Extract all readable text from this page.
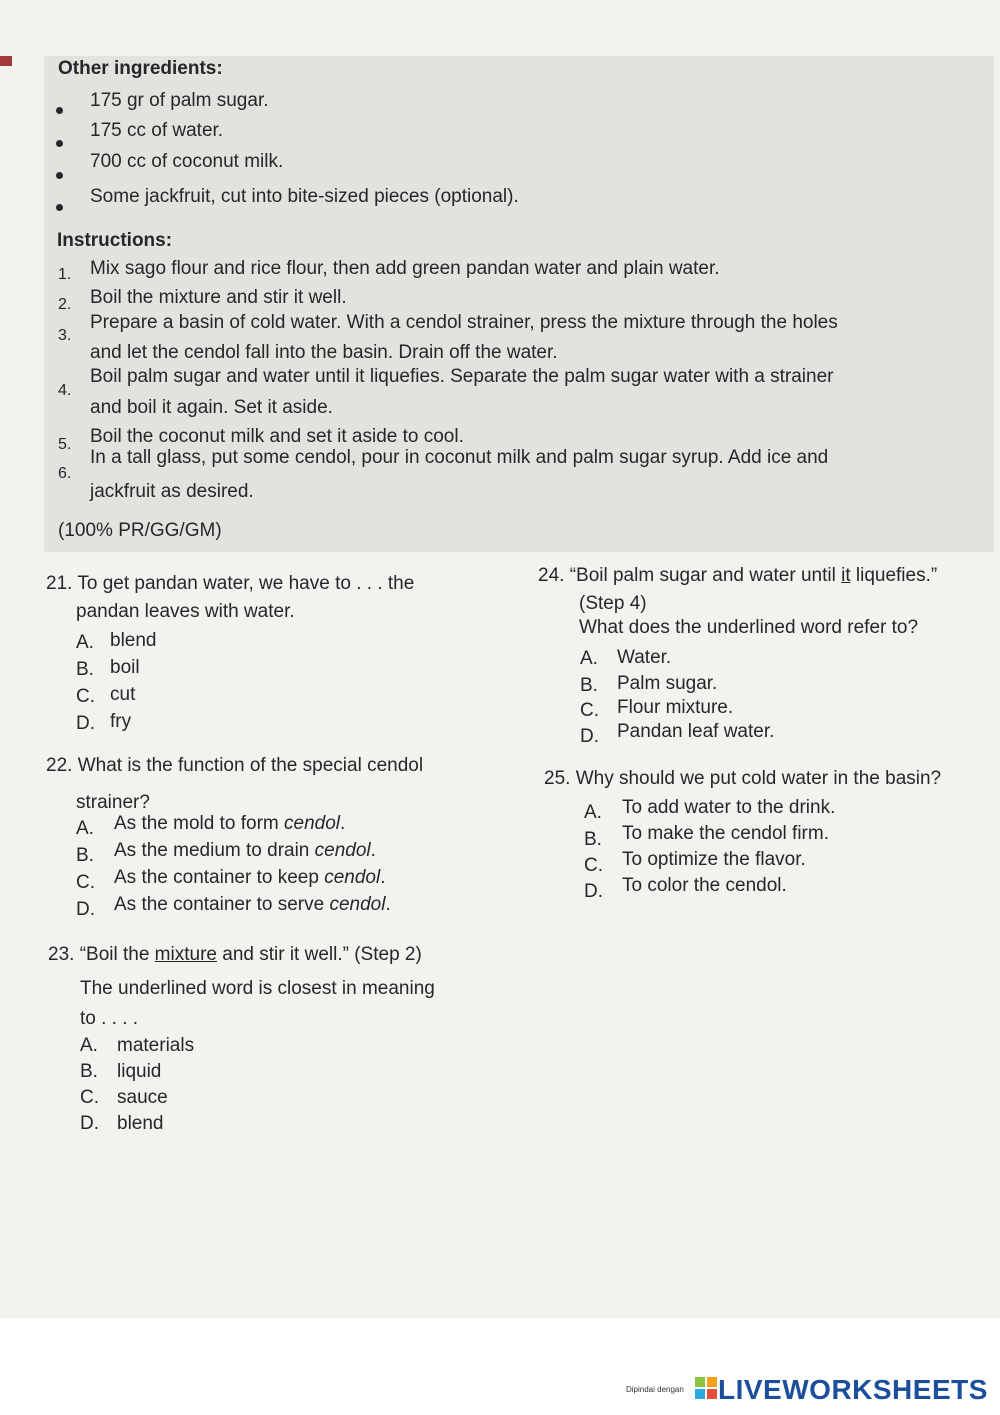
Other ingredients:
175 gr of palm sugar.
175 cc of water.
700 cc of coconut milk.
Some jackfruit, cut into bite-sized pieces (optional).
Instructions:
1. Mix sago flour and rice flour, then add green pandan water and plain water.
2. Boil the mixture and stir it well.
3.
Prepare a basin of cold water. With a cendol strainer, press the mixture through the holes
and let the cendol fall into the basin. Drain off the water.
4.
Boil palm sugar and water until it liquefies. Separate the palm sugar water with a strainer
and boil it again. Set it aside.
5. Boil the coconut milk and set it aside to cool.
6.
In a tall glass, put some cendol, pour in coconut milk and palm sugar syrup. Add ice and
jackfruit as desired.
(100% PR/GG/GM)
21. To get pandan water, we have to . . . the
pandan leaves with water.
A. blend
B. boil
C. cut
D. fry
22. What is the function of the special cendol
strainer?
A. As the mold to form cendol.
B. As the medium to drain cendol.
C. As the container to keep cendol.
D. As the container to serve cendol.
23. “Boil the mixture and stir it well.” (Step 2)
The underlined word is closest in meaning
to . . . .
A. materials
B. liquid
C. sauce
D. blend
24. “Boil palm sugar and water until it liquefies.”
(Step 4)
What does the underlined word refer to?
A. Water.
B. Palm sugar.
C. Flour mixture.
D. Pandan leaf water.
25. Why should we put cold water in the basin?
A. To add water to the drink.
B. To make the cendol firm.
C. To optimize the flavor.
D. To color the cendol.
Dipindai dengan LIVEWORKSHEETS
